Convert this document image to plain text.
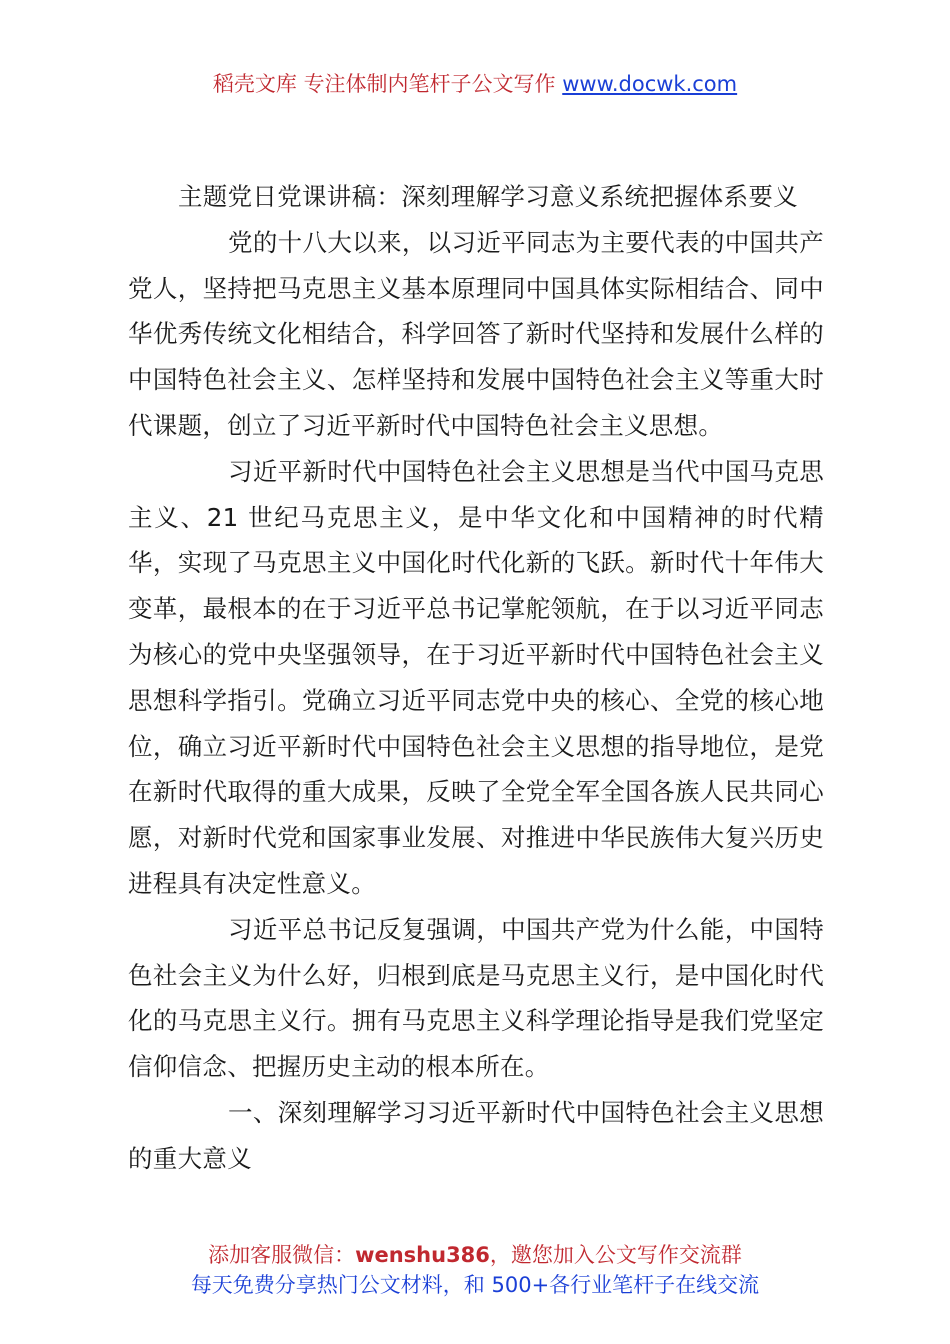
稻壳文库 专注体制内笔杆子公文写作 www.docwk.com
主题党日党课讲稿：深刻理解学习意义系统把握体系要义

党的十八大以来，以习近平同志为主要代表的中国共产党人，坚持把马克思主义基本原理同中国具体实际相结合、同中华优秀传统文化相结合，科学回答了新时代坚持和发展什么样的中国特色社会主义、怎样坚持和发展中国特色社会主义等重大时代课题，创立了习近平新时代中国特色社会主义思想。

习近平新时代中国特色社会主义思想是当代中国马克思主义、21 世纪马克思主义，是中华文化和中国精神的时代精华，实现了马克思主义中国化时代化新的飞跃。新时代十年伟大变革，最根本的在于习近平总书记掌舵领航，在于以习近平同志为核心的党中央坚强领导，在于习近平新时代中国特色社会主义思想科学指引。党确立习近平同志党中央的核心、全党的核心地位，确立习近平新时代中国特色社会主义思想的指导地位，是党在新时代取得的重大成果，反映了全党全军全国各族人民共同心愿，对新时代党和国家事业发展、对推进中华民族伟大复兴历史进程具有决定性意义。

习近平总书记反复强调，中国共产党为什么能，中国特色社会主义为什么好，归根到底是马克思主义行，是中国化时代化的马克思主义行。拥有马克思主义科学理论指导是我们党坚定信仰信念、把握历史主动的根本所在。

一、深刻理解学习习近平新时代中国特色社会主义思想的重大意义

添加客服微信：wenshu386，邀您加入公文写作交流群
每天免费分享热门公文材料，和 500+各行业笔杆子在线交流
